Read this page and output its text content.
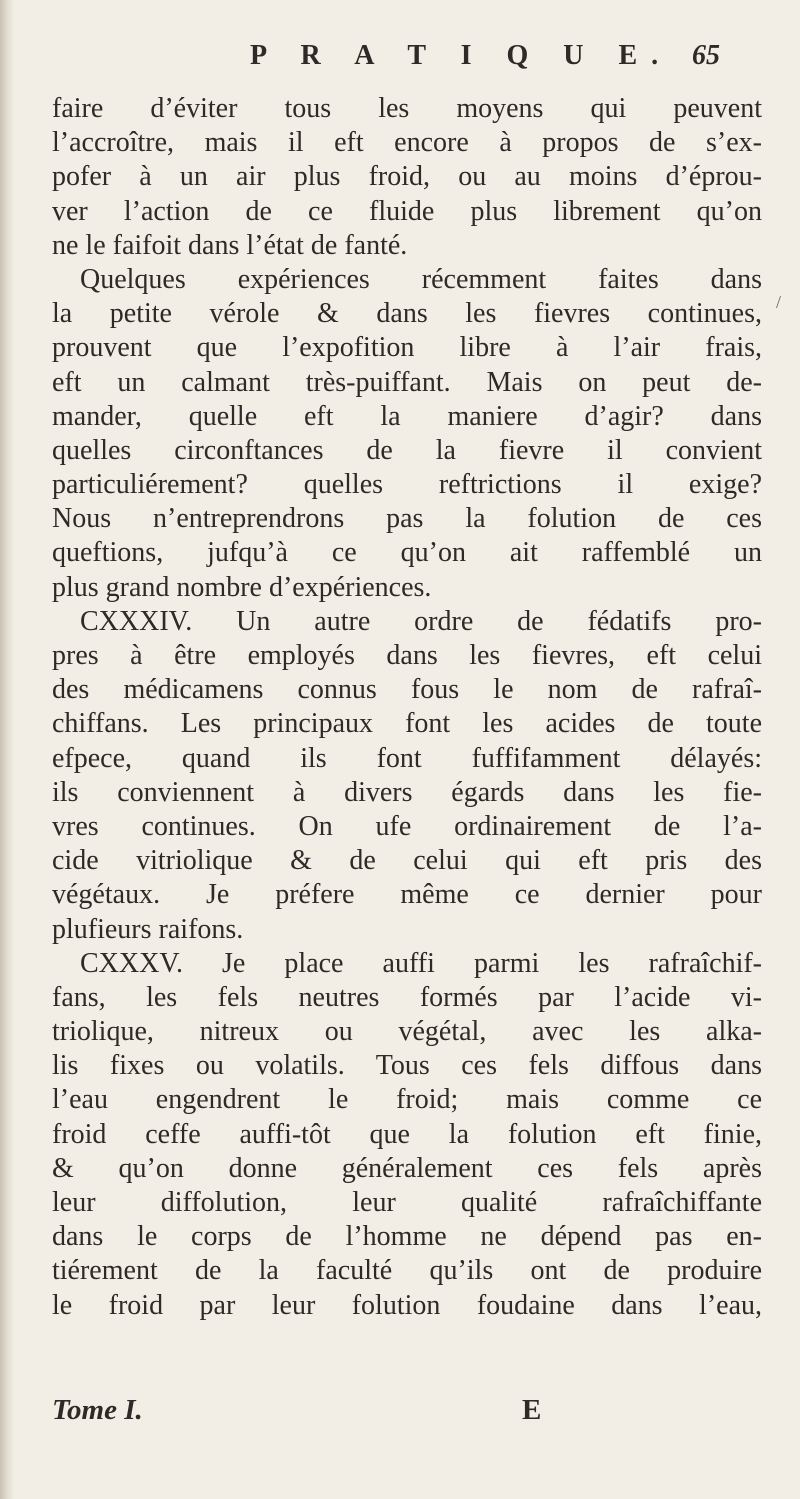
P R A T I Q U E. 65
/
faire d’éviter tous les moyens qui peuvent
l’accroître, mais il eft encore à propos de s’ex-
pofer à un air plus froid, ou au moins d’éprou-
ver l’action de ce fluide plus librement qu’on
ne le faifoit dans l’état de fanté.
Quelques expériences récemment faites dans
la petite vérole & dans les fievres continues,
prouvent que l’expofition libre à l’air frais,
eft un calmant très-puiffant. Mais on peut de-
mander, quelle eft la maniere d’agir? dans
quelles circonftances de la fievre il convient
particuliérement? quelles reftrictions il exige?
Nous n’entreprendrons pas la folution de ces
queftions, jufqu’à ce qu’on ait raffemblé un
plus grand nombre d’expériences.
CXXXIV. Un autre ordre de fédatifs pro-
pres à être employés dans les fievres, eft celui
des médicamens connus fous le nom de rafraî-
chiffans. Les principaux font les acides de toute
efpece, quand ils font fuffifamment délayés:
ils conviennent à divers égards dans les fie-
vres continues. On ufe ordinairement de l’a-
cide vitriolique & de celui qui eft pris des
végétaux. Je préfere même ce dernier pour
plufieurs raifons.
CXXXV. Je place auffi parmi les rafraîchif-
fans, les fels neutres formés par l’acide vi-
triolique, nitreux ou végétal, avec les alka-
lis fixes ou volatils. Tous ces fels diffous dans
l’eau engendrent le froid; mais comme ce
froid ceffe auffi-tôt que la folution eft finie,
& qu’on donne généralement ces fels après
leur diffolution, leur qualité rafraîchiffante
dans le corps de l’homme ne dépend pas en-
tiérement de la faculté qu’ils ont de produire
le froid par leur folution foudaine dans l’eau,
Tome I.	E
